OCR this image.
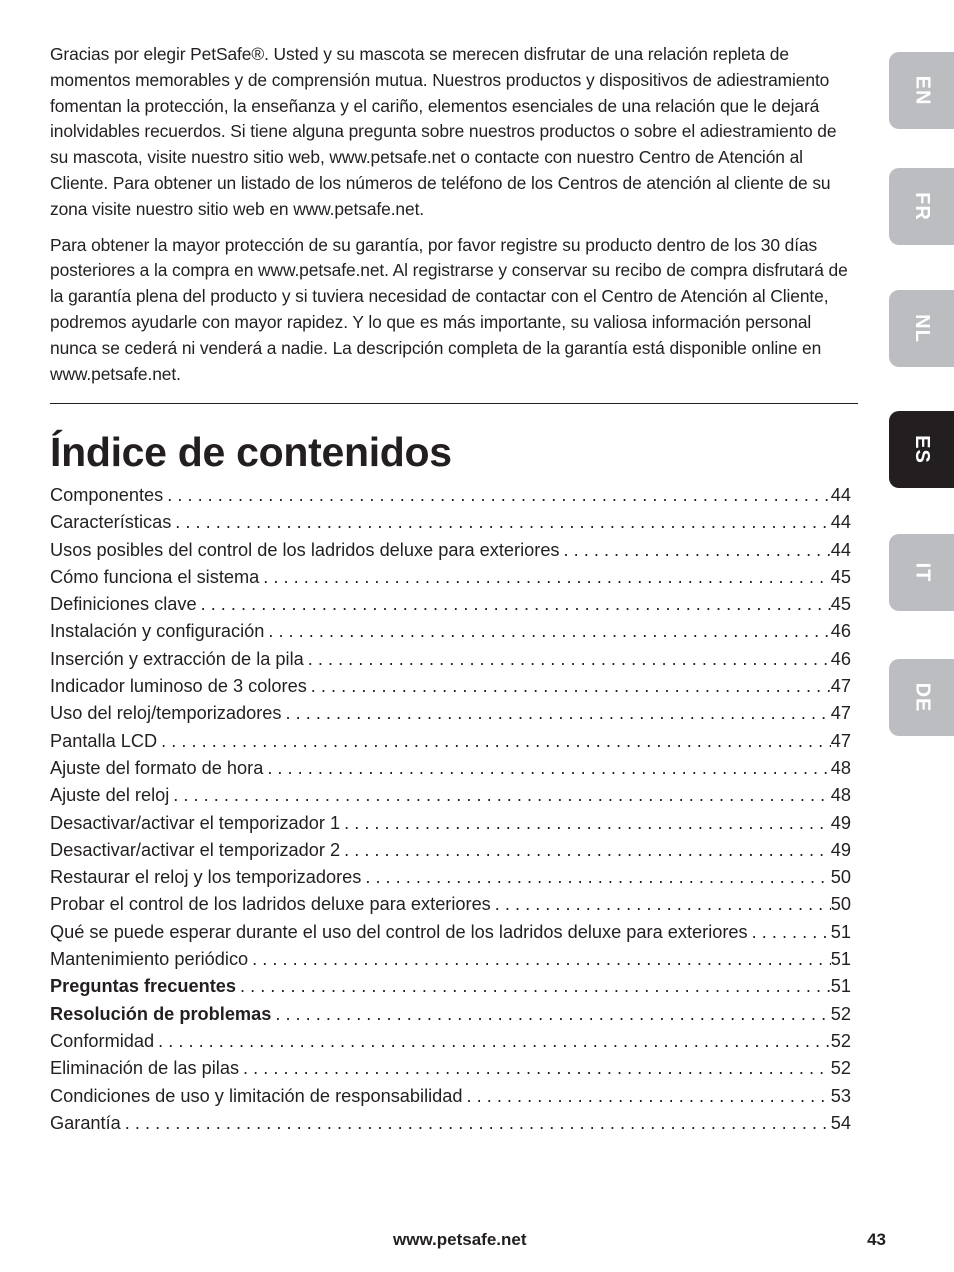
Gracias por elegir PetSafe®. Usted y su mascota se merecen disfrutar de una relación repleta de momentos memorables y de comprensión mutua. Nuestros productos y dispositivos de adiestramiento fomentan la protección, la enseñanza y el cariño, elementos esenciales de una relación que le dejará inolvidables recuerdos. Si tiene alguna pregunta sobre nuestros productos o sobre el adiestramiento de su mascota, visite nuestro sitio web, www.petsafe.net o contacte con nuestro Centro de Atención al Cliente. Para obtener un listado de los números de teléfono de los Centros de atención al cliente de su zona visite nuestro sitio web en www.petsafe.net.

Para obtener la mayor protección de su garantía, por favor registre su producto dentro de los 30 días posteriores a la compra en www.petsafe.net. Al registrarse y conservar su recibo de compra disfrutará de la garantía plena del producto y si tuviera necesidad de contactar con el Centro de Atención al Cliente, podremos ayudarle con mayor rapidez. Y lo que es más importante, su valiosa información personal nunca se cederá ni venderá a nadie. La descripción completa de la garantía está disponible online en www.petsafe.net.

Índice de contenidos
Componentes . . .	44
Características . . .	44
Usos posibles del control de los ladridos deluxe para exteriores . . .	44
Cómo funciona el sistema . . .	45
Definiciones clave . . .	45
Instalación y configuración . . .	46
Inserción y extracción de la pila . . .	46
Indicador luminoso de 3 colores . . .	47
Uso del reloj/temporizadores . . .	47
Pantalla LCD . . .	47
Ajuste del formato de hora . . .	48
Ajuste del reloj . . .	48
Desactivar/activar el temporizador 1 . . .	49
Desactivar/activar el temporizador 2 . . .	49
Restaurar el reloj y los temporizadores . . .	50
Probar el control de los ladridos deluxe para exteriores . . .	50
Qué se puede esperar durante el uso del control de los ladridos deluxe para exteriores . . .	51
Mantenimiento periódico . . .	51
Preguntas frecuentes . . .	51
Resolución de problemas . . .	52
Conformidad . . .	52
Eliminación de las pilas . . .	52
Condiciones de uso y limitación de responsabilidad . . .	53
Garantía . . .	54
EN
FR
NL
ES
IT
DE
www.petsafe.net	43
